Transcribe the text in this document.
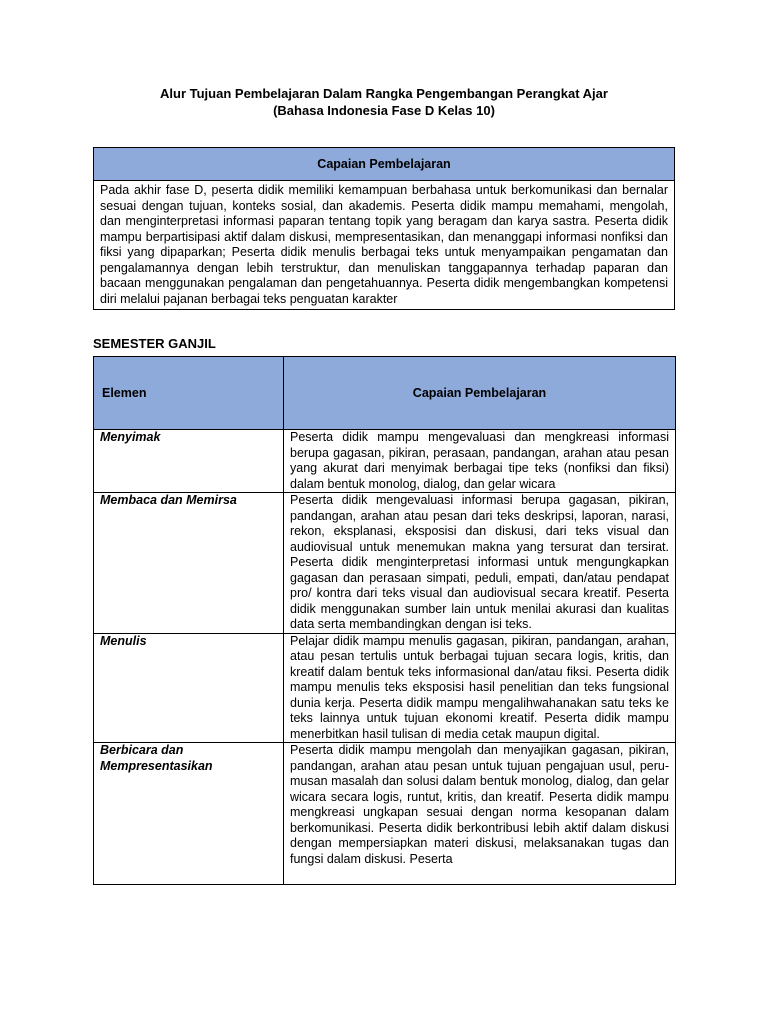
Alur Tujuan Pembelajaran Dalam Rangka Pengembangan Perangkat Ajar
(Bahasa Indonesia Fase D Kelas 10)
Capaian Pembelajaran
Pada akhir fase D, peserta didik memiliki kemampuan berbahasa untuk berkomunikasi dan bernalar sesuai dengan tujuan, konteks sosial, dan akademis. Peserta didik mampu memahami, mengolah, dan menginterpretasi informasi paparan tentang topik yang beragam dan karya sastra. Peserta didik mampu berpartisipasi aktif dalam diskusi, mempresentasikan, dan menanggapi informasi nonfiksi dan fiksi yang dipaparkan; Peserta didik menulis berbagai teks untuk menyampaikan pengamatan dan pengalamannya dengan lebih terstruktur, dan menuliskan tanggapannya terhadap paparan dan bacaan menggunakan pengalaman dan pengetahuannya. Peserta didik mengembangkan kompetensi diri melalui pajanan berbagai teks penguatan karakter
SEMESTER GANJIL
Elemen	Capaian Pembelajaran
Menyimak	Peserta didik mampu mengevaluasi dan mengkreasi informasi berupa gagasan, pikiran, perasaan, pandangan, arahan atau pesan yang akurat dari menyimak berbagai tipe teks (nonfiksi dan fiksi) dalam bentuk monolog, dialog, dan gelar wicara
Membaca dan Memirsa	Peserta didik mengevaluasi informasi berupa gagasan, pikiran, pandangan, arahan atau pesan dari teks deskripsi, laporan, narasi, rekon, eksplanasi, eksposisi dan diskusi, dari teks visual dan audiovisual untuk menemukan makna yang tersurat dan tersirat. Peserta didik menginterpretasi informasi untuk mengungkapkan gagasan dan perasaan simpati, peduli, empati, dan/atau pendapat pro/ kontra dari teks visual dan audiovisual secara kreatif. Peserta didik menggunakan sumber lain untuk menilai akurasi dan kualitas data serta membandingkan dengan isi teks.
Menulis	Pelajar didik mampu menulis gagasan, pikiran, pandangan, arahan, atau pesan tertulis untuk berbagai tujuan secara logis, kritis, dan kreatif dalam bentuk teks informasional dan/atau fiksi. Peserta didik mampu menulis teks eksposisi hasil penelitian dan teks fungsional dunia kerja. Peserta didik mampu mengalihwahanakan satu teks ke teks lainnya untuk tujuan ekonomi kreatif. Peserta didik mampu menerbitkan hasil tulisan di media cetak maupun digital.
Berbicara dan Mempresentasikan	Peserta didik mampu mengolah dan menyajikan gagasan, pikiran, pandangan, arahan atau pesan untuk tujuan pengajuan usul, peru- musan masalah dan solusi dalam bentuk monolog, dialog, dan gelar wicara secara logis, runtut, kritis, dan kreatif. Peserta didik mampu mengkreasi ungkapan sesuai dengan norma kesopanan dalam berkomunikasi. Peserta didik berkontribusi lebih aktif dalam diskusi dengan mempersiapkan materi diskusi, melaksanakan tugas dan fungsi dalam diskusi. Peserta
